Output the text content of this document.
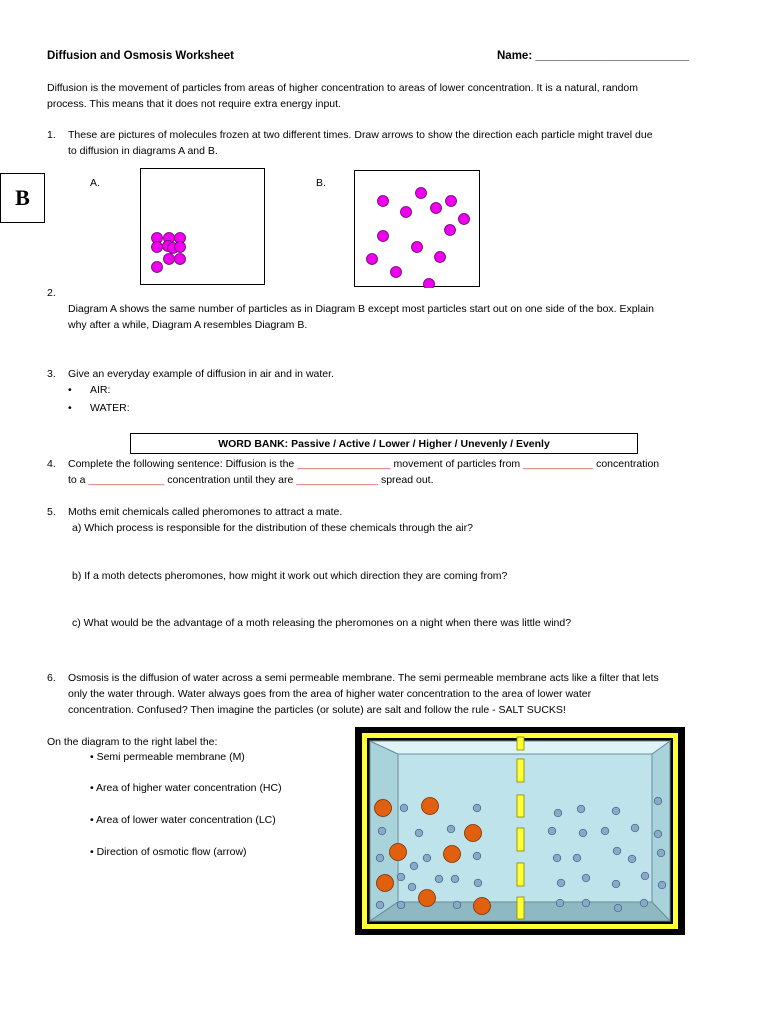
Diffusion and Osmosis Worksheet	Name: ________________________
B
Diffusion is the movement of particles from areas of higher concentration to areas of lower concentration. It is a natural, random
process. This means that it does not require extra energy input.
1. These are pictures of molecules frozen at two different times. Draw arrows to show the direction each particle might travel due
to diffusion in diagrams A and B.
A.	B.
2.
Diagram A shows the same number of particles as in Diagram B except most particles start out on one side of the box. Explain
why after a while, Diagram A resembles Diagram B.
3. Give an everyday example of diffusion in air and in water.
• AIR:
• WATER:
WORD BANK: Passive / Active / Lower / Higher / Unevenly / Evenly
4. Complete the following sentence: Diffusion is the ________________ movement of particles from ____________ concentration
to a _____________ concentration until they are ______________ spread out.
5. Moths emit chemicals called pheromones to attract a mate.
a) Which process is responsible for the distribution of these chemicals through the air?
b) If a moth detects pheromones, how might it work out which direction they are coming from?
c) What would be the advantage of a moth releasing the pheromones on a night when there was little wind?
6. Osmosis is the diffusion of water across a semi permeable membrane. The semi permeable membrane acts like a filter that lets
only the water through. Water always goes from the area of higher water concentration to the area of lower water
concentration. Confused? Then imagine the particles (or solute) are salt and follow the rule - SALT SUCKS!
On the diagram to the right label the:
• Semi permeable membrane (M)
• Area of higher water concentration (HC)
• Area of lower water concentration (LC)
• Direction of osmotic flow (arrow)
